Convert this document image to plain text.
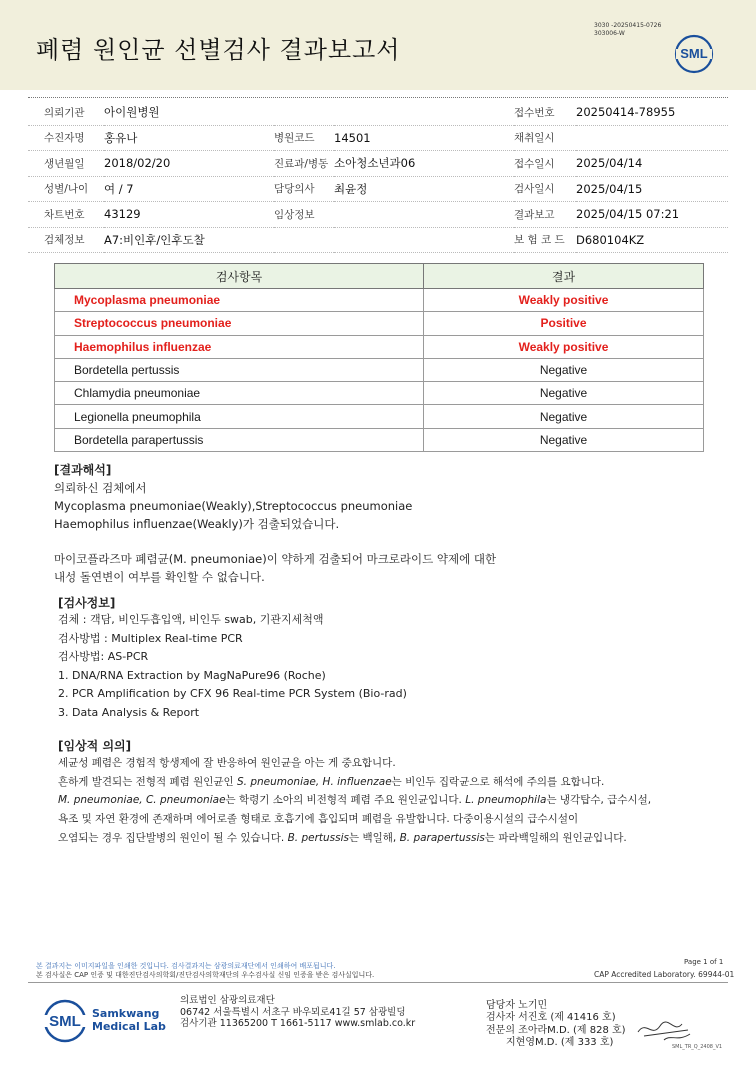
폐렴 원인균 선별검사 결과보고서
3030 -20250415-0726
303006-W
SML
의뢰기관	아이원병원			접수번호	20250414-78955
수진자명	홍유나	병원코드	14501	채취일시	
생년월일	2018/02/20	진료과/병동	소아청소년과06	접수일시	2025/04/14
성별/나이	여 / 7	담당의사	최윤정	검사일시	2025/04/15
차트번호	43129	임상정보		결과보고	2025/04/15 07:21
검체정보	A7:비인후/인후도찰			보 험 코 드	D680104KZ
검사항목	결과
Mycoplasma pneumoniae	Weakly positive
Streptococcus pneumoniae	Positive
Haemophilus influenzae	Weakly positive
Bordetella pertussis	Negative
Chlamydia pneumoniae	Negative
Legionella pneumophila	Negative
Bordetella parapertussis	Negative
[결과해석]
의뢰하신 검체에서
Mycoplasma pneumoniae(Weakly),Streptococcus pneumoniae
Haemophilus influenzae(Weakly)가 검출되었습니다.
마이코플라즈마 폐렴균(M. pneumoniae)이 약하게 검출되어 마크로라이드 약제에 대한
내성 돌연변이 여부를 확인할 수 없습니다.
[검사정보]
검체 : 객담, 비인두흡입액, 비인두 swab, 기관지세척액
검사방법 : Multiplex Real-time PCR
검사방법: AS-PCR
1. DNA/RNA Extraction by MagNaPure96 (Roche)
2. PCR Amplification by CFX 96 Real-time PCR System (Bio-rad)
3. Data Analysis & Report
[임상적 의의]

세균성 폐렴은 경험적 항생제에 잘 반응하여 원인균을 아는 게 중요합니다.

흔하게 발견되는 전형적 폐렴 원인균인 S. pneumoniae, H. influenzae는 비인두 집락균으로 해석에 주의를 요합니다.

M. pneumoniae, C. pneumoniae는 학령기 소아의 비전형적 폐렴 주요 원인균입니다. L. pneumophila는 냉각탑수, 급수시설,

욕조 및 자연 환경에 존재하며 에어로졸 형태로 호흡기에 흡입되며 폐렴을 유발합니다. 다중이용시설의 급수시설이

오염되는 경우 집단발병의 원인이 될 수 있습니다. B. pertussis는 백일해, B. parapertussis는 파라백일해의 원인균입니다.

본 결과지는 이미지파일을 인쇄한 것입니다. 검사결과지는 삼광의료재단에서 인쇄하여 배포됩니다.
본 검사실은 CAP 인증 및 대한진단검사의학회/진단검사의학재단의 우수검사실 신임 인증을 받은 검사실입니다.
Page 1 of 1
CAP Accredited Laboratory. 69944-01
SML Samkwang
Medical Lab
의료법인 삼광의료재단
06742 서울특별시 서초구 바우뫼로41길 57 삼광빌딩
검사기관 11365200 T 1661-5117 www.smlab.co.kr
담당자 노기민
검사자 서진호 (제 41416 호)
전문의 조아라M.D. (제 828 호)
지현영M.D. (제 333 호)	SML_TR_Q_2408_V1
